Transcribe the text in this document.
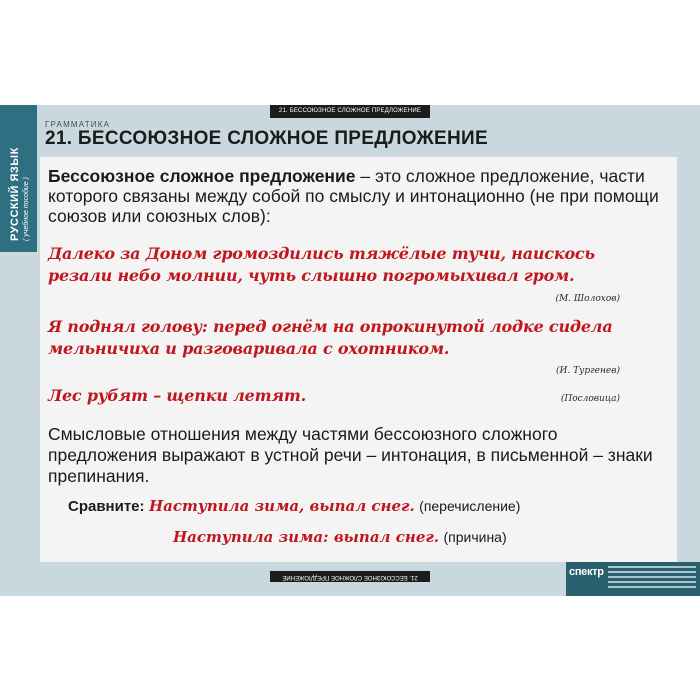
РУССКИЙ ЯЗЫК ( учебное пособие )
21. БЕССОЮЗНОЕ СЛОЖНОЕ ПРЕДЛОЖЕНИЕ
ГРАММАТИКА
21. БЕССОЮЗНОЕ СЛОЖНОЕ ПРЕДЛОЖЕНИЕ
Бессоюзное сложное предложение – это сложное предложение, части которого связаны между собой по смыслу и интонационно (не при помощи союзов или союзных слов):
Далеко за Доном громоздились тяжёлые тучи, наискось
резали небо молнии, чуть слышно погромыхивал гром.
(М. Шолохов)
Я поднял голову: перед огнём на опрокинутой лодке сидела
мельничиха и разговаривала с охотником.
(И. Тургенев)
Лес рубят – щепки летят.	(Пословица)
Смысловые отношения между частями бессоюзного сложного предложения выражают в устной речи – интонация, в письменной – знаки препинания.
Сравните: Наступила зима, выпал снег. (перечисление)
Наступила зима: выпал снег. (причина)
21. БЕССОЮЗНОЕ СЛОЖНОЕ ПРЕДЛОЖЕНИЕ	спектр
